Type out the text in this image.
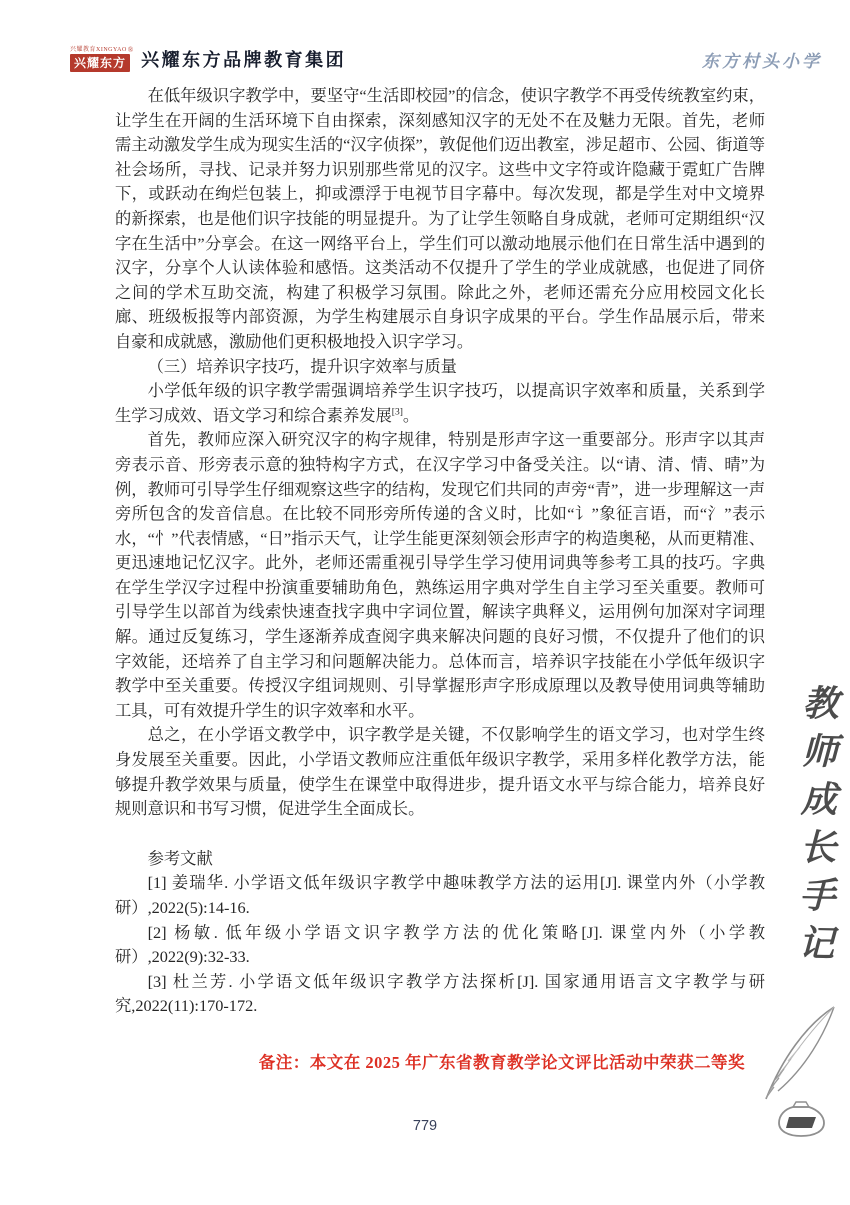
兴耀教育XINGYAO ®
兴耀东方 兴耀东方品牌教育集团	东方村头小学

在低年级识字教学中，要坚守“生活即校园”的信念，使识字教学不再受传统教室约束，让学生在开阔的生活环境下自由探索，深刻感知汉字的无处不在及魅力无限。首先，老师需主动激发学生成为现实生活的“汉字侦探”，敦促他们迈出教室，涉足超市、公园、街道等社会场所，寻找、记录并努力识别那些常见的汉字。这些中文字符或许隐藏于霓虹广告牌下，或跃动在绚烂包装上，抑或漂浮于电视节目字幕中。每次发现，都是学生对中文境界的新探索，也是他们识字技能的明显提升。为了让学生领略自身成就，老师可定期组织“汉字在生活中”分享会。在这一网络平台上，学生们可以激动地展示他们在日常生活中遇到的汉字，分享个人认读体验和感悟。这类活动不仅提升了学生的学业成就感，也促进了同侪之间的学术互助交流，构建了积极学习氛围。除此之外，老师还需充分应用校园文化长廊、班级板报等内部资源，为学生构建展示自身识字成果的平台。学生作品展示后，带来自豪和成就感，激励他们更积极地投入识字学习。

（三）培养识字技巧，提升识字效率与质量

小学低年级的识字教学需强调培养学生识字技巧，以提高识字效率和质量，关系到学生学习成效、语文学习和综合素养发展[3]。

首先，教师应深入研究汉字的构字规律，特别是形声字这一重要部分。形声字以其声旁表示音、形旁表示意的独特构字方式，在汉字学习中备受关注。以“请、清、情、晴”为例，教师可引导学生仔细观察这些字的结构，发现它们共同的声旁“青”，进一步理解这一声旁所包含的发音信息。在比较不同形旁所传递的含义时，比如“讠”象征言语，而“氵”表示水，“忄”代表情感，“日”指示天气，让学生能更深刻领会形声字的构造奥秘，从而更精准、更迅速地记忆汉字。此外，老师还需重视引导学生学习使用词典等参考工具的技巧。字典在学生学汉字过程中扮演重要辅助角色，熟练运用字典对学生自主学习至关重要。教师可引导学生以部首为线索快速查找字典中字词位置，解读字典释义，运用例句加深对字词理解。通过反复练习，学生逐渐养成查阅字典来解决问题的良好习惯，不仅提升了他们的识字效能，还培养了自主学习和问题解决能力。总体而言，培养识字技能在小学低年级识字教学中至关重要。传授汉字组词规则、引导掌握形声字形成原理以及教导使用词典等辅助工具，可有效提升学生的识字效率和水平。

总之，在小学语文教学中，识字教学是关键，不仅影响学生的语文学习，也对学生终身发展至关重要。因此，小学语文教师应注重低年级识字教学，采用多样化教学方法，能够提升教学效果与质量，使学生在课堂中取得进步，提升语文水平与综合能力，培养良好规则意识和书写习惯，促进学生全面成长。

参考文献

[1] 姜瑞华. 小学语文低年级识字教学中趣味教学方法的运用[J]. 课堂内外（小学教研）,2022(5):14-16.

[2] 杨敏. 低年级小学语文识字教学方法的优化策略[J]. 课堂内外（小学教研）,2022(9):32-33.

[3] 杜兰芳. 小学语文低年级识字教学方法探析[J]. 国家通用语言文字教学与研究,2022(11):170-172.

备注：本文在 2025 年广东省教育教学论文评比活动中荣获二等奖

教师成长手记
779
